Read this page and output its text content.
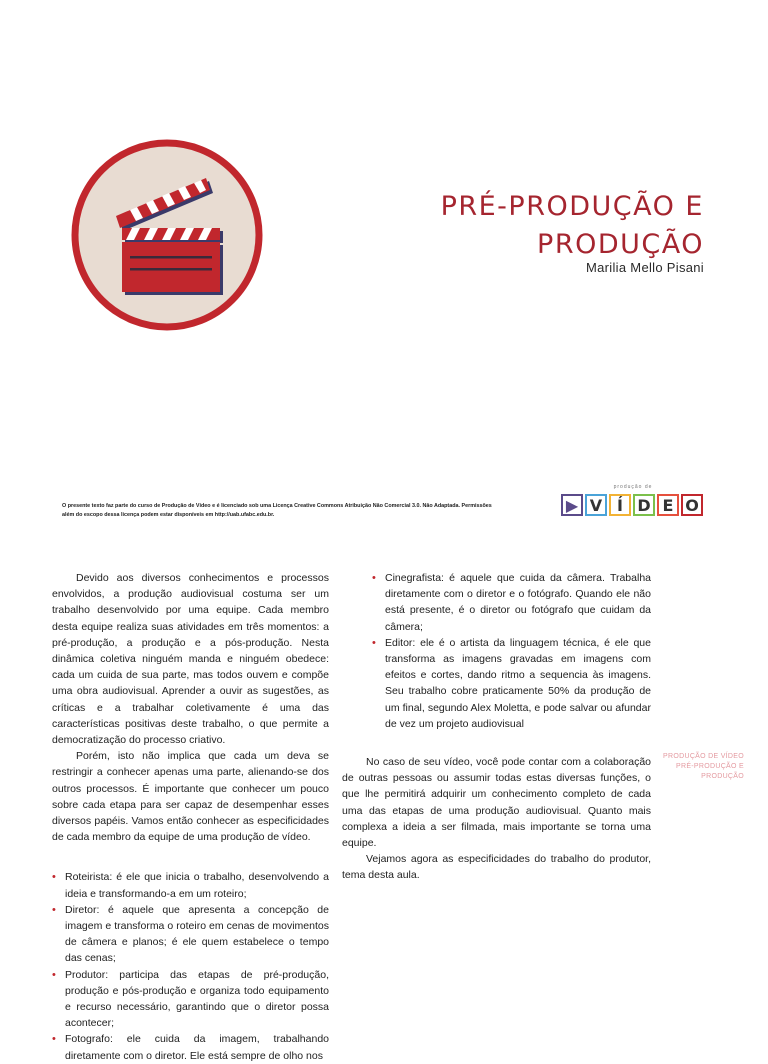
PRÉ-PRODUÇÃO E
PRODUÇÃO
Marilia Mello Pisani
O presente texto faz parte do curso de Produção de Vídeo e é licenciado sob uma Licença Creative Commons Atribuição Não Comercial 3.0. Não Adaptada. Permissões além do escopo dessa licença podem estar disponíveis em http://uab.ufabc.edu.br.
produção de
▶ V Í D E O

Devido aos diversos conhecimentos e processos envolvidos, a produção audiovisual costuma ser um trabalho desenvolvido por uma equipe. Cada membro desta equipe realiza suas atividades em três momentos: a pré-produção, a produção e a pós-produção. Nesta dinâmica coletiva ninguém manda e ninguém obedece: cada um cuida de sua parte, mas todos ouvem e compõe uma obra audiovisual. Aprender a ouvir as sugestões, as críticas e a trabalhar coletivamente é uma das características positivas deste trabalho, o que permite a democratização do processo criativo.

Porém, isto não implica que cada um deva se restringir a conhecer apenas uma parte, alienando-se dos outros processos. É importante que conhecer um pouco sobre cada etapa para ser capaz de desempenhar esses diversos papéis. Vamos então conhecer as especificidades de cada membro da equipe de uma produção de vídeo.

• Roteirista: é ele que inicia o trabalho, desenvolvendo a ideia e transformando-a em um roteiro;
• Diretor: é aquele que apresenta a concepção de imagem e transforma o roteiro em cenas de movimentos de câmera e planos; é ele quem estabelece o tempo das cenas;
• Produtor: participa das etapas de pré-produção, produção e pós-produção e organiza todo equipamento e recurso necessário, garantindo que o diretor possa acontecer;
• Fotografo: ele cuida da imagem, trabalhando diretamente com o diretor. Ele está sempre de olho nos
• Cinegrafista: é aquele que cuida da câmera. Trabalha diretamente com o diretor e o fotógrafo. Quando ele não está presente, é o diretor ou fotógrafo que cuidam da câmera;
• Editor: ele é o artista da linguagem técnica, é ele que transforma as imagens gravadas em imagens com efeitos e cortes, dando ritmo a sequencia às imagens. Seu trabalho cobre praticamente 50% da produção de um final, segundo Alex Moletta, e pode salvar ou afundar de vez um projeto audiovisual

No caso de seu vídeo, você pode contar com a colaboração de outras pessoas ou assumir todas estas diversas funções, o que lhe permitirá adquirir um conhecimento completo de cada uma das etapas de uma produção audiovisual. Quanto mais complexa a ideia a ser filmada, mais importante se torna uma equipe.

Vejamos agora as especificidades do trabalho do produtor, tema desta aula.

PRODUÇÃO DE VÍDEO
PRÉ-PRODUÇÃO E
PRODUÇÃO
